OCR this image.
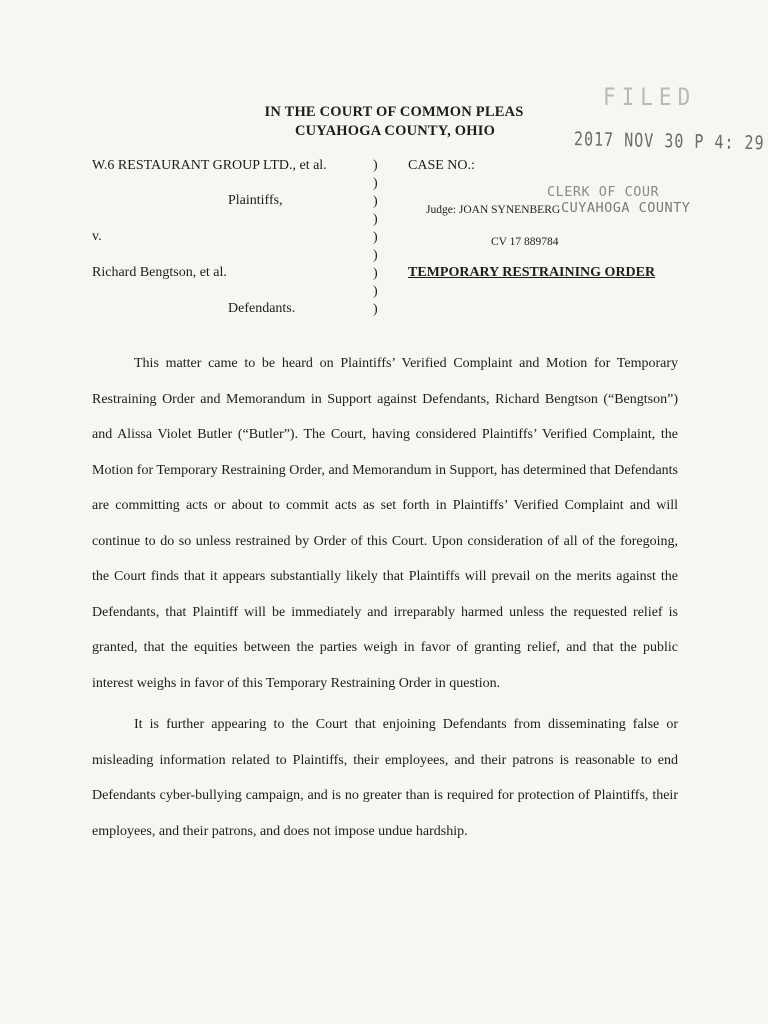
IN THE COURT OF COMMON PLEAS
CUYAHOGA COUNTY, OHIO
FILED
2017 NOV 30 P 4: 29
CLERK OF COUR
CUYAHOGA COUNTY
W.6 RESTAURANT GROUP LTD., et al.
Plaintiffs,
v.
Richard Bengtson, et al.
Defendants.
)
)
)
)
)
)
)
)
)
CASE NO.:
Judge: JOAN SYNENBERG
CV 17 889784
TEMPORARY RESTRAINING ORDER

This matter came to be heard on Plaintiffs’ Verified Complaint and Motion for Temporary Restraining Order and Memorandum in Support against Defendants, Richard Bengtson (“Bengtson”) and Alissa Violet Butler (“Butler”). The Court, having considered Plaintiffs’ Verified Complaint, the Motion for Temporary Restraining Order, and Memorandum in Support, has determined that Defendants are committing acts or about to commit acts as set forth in Plaintiffs’ Verified Complaint and will continue to do so unless restrained by Order of this Court. Upon consideration of all of the foregoing, the Court finds that it appears substantially likely that Plaintiffs will prevail on the merits against the Defendants, that Plaintiff will be immediately and irreparably harmed unless the requested relief is granted, that the equities between the parties weigh in favor of granting relief, and that the public interest weighs in favor of this Temporary Restraining Order in question.

It is further appearing to the Court that enjoining Defendants from disseminating false or misleading information related to Plaintiffs, their employees, and their patrons is reasonable to end Defendants cyber-bullying campaign, and is no greater than is required for protection of Plaintiffs, their employees, and their patrons, and does not impose undue hardship.
